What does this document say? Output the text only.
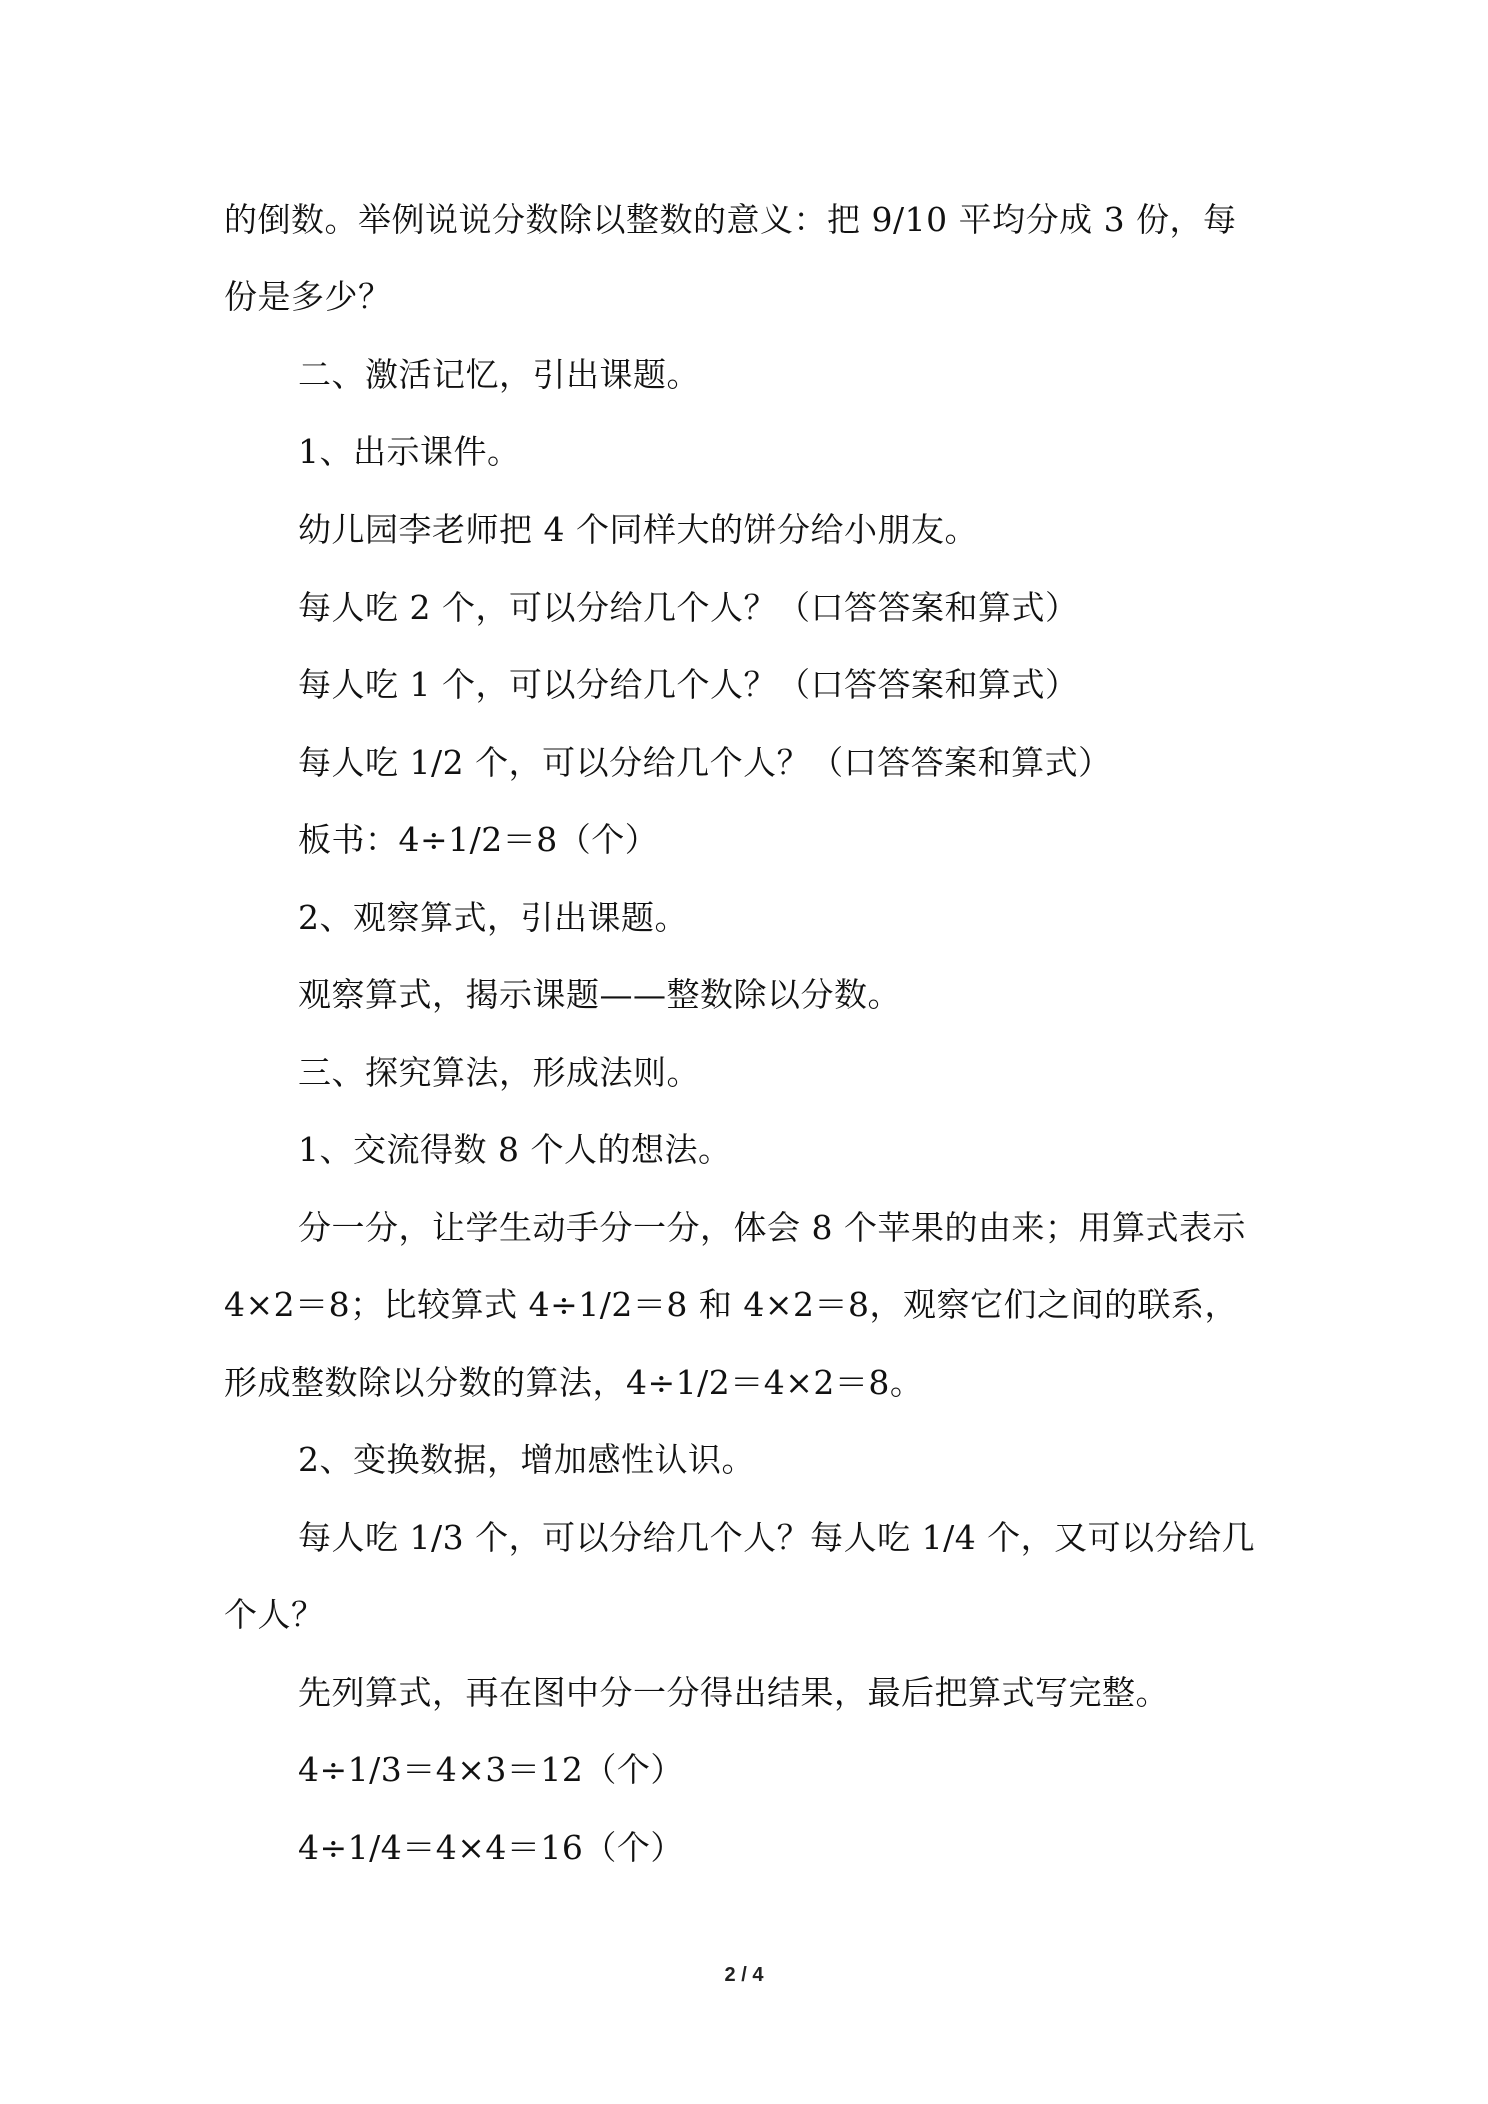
的倒数。举例说说分数除以整数的意义：把 9/10 平均分成 3 份，每
份是多少？
二、激活记忆，引出课题。
1、出示课件。
幼儿园李老师把 4 个同样大的饼分给小朋友。
每人吃 2 个，可以分给几个人？（口答答案和算式）
每人吃 1 个，可以分给几个人？（口答答案和算式）
每人吃 1/2 个，可以分给几个人？（口答答案和算式）
板书：4÷1/2＝8（个）
2、观察算式，引出课题。
观察算式，揭示课题——整数除以分数。
三、探究算法，形成法则。
1、交流得数 8 个人的想法。
分一分，让学生动手分一分，体会 8 个苹果的由来；用算式表示
4×2＝8；比较算式 4÷1/2＝8 和 4×2＝8，观察它们之间的联系，
形成整数除以分数的算法，4÷1/2＝4×2＝8。
2、变换数据，增加感性认识。
每人吃 1/3 个，可以分给几个人？每人吃 1/4 个，又可以分给几
个人？
先列算式，再在图中分一分得出结果，最后把算式写完整。
4÷1/3＝4×3＝12（个）
4÷1/4＝4×4＝16（个）
2 / 4
